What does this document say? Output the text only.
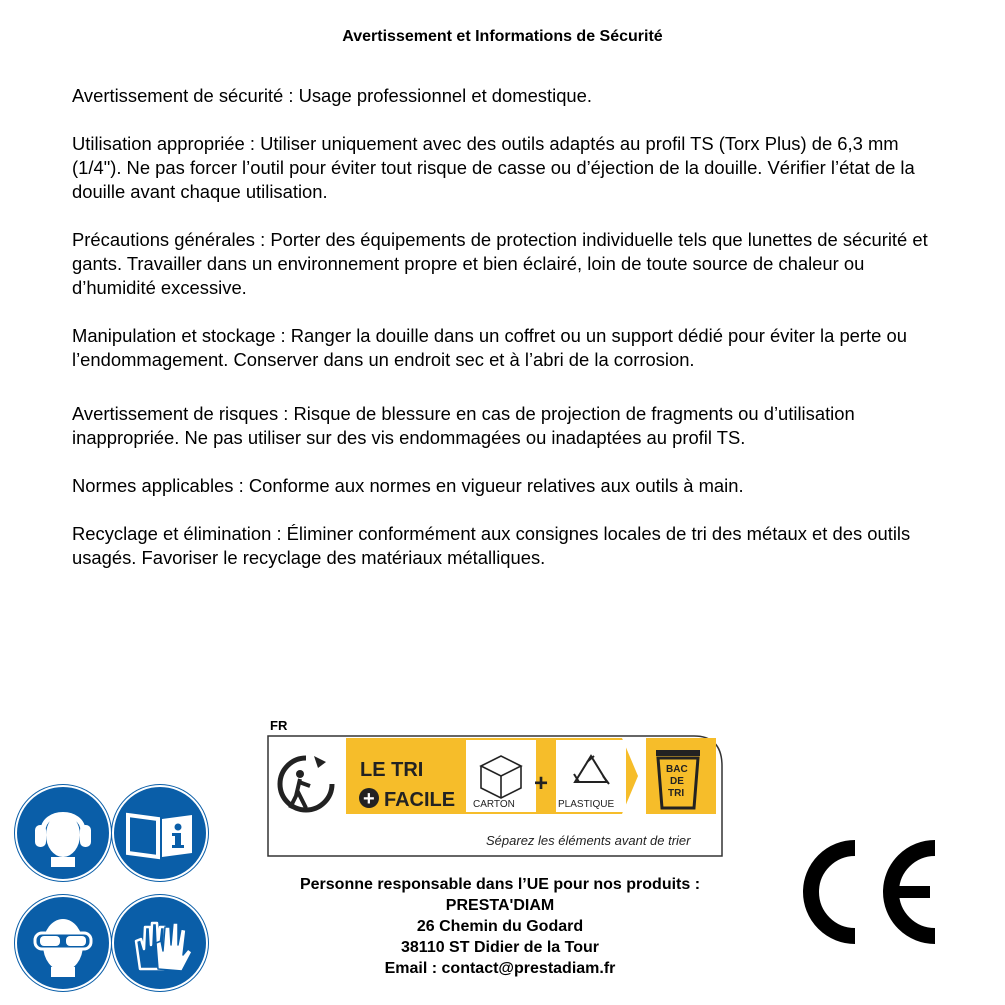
Avertissement et Informations de Sécurité

Avertissement de sécurité : Usage professionnel et domestique.

Utilisation appropriée : Utiliser uniquement avec des outils adaptés au profil TS (Torx Plus) de 6,3 mm (1/4"). Ne pas forcer l’outil pour éviter tout risque de casse ou d’éjection de la douille. Vérifier l’état de la douille avant chaque utilisation.

Précautions générales : Porter des équipements de protection individuelle tels que lunettes de sécurité et gants. Travailler dans un environnement propre et bien éclairé, loin de toute source de chaleur ou d’humidité excessive.

Manipulation et stockage : Ranger la douille dans un coffret ou un support dédié pour éviter la perte ou l’endommagement. Conserver dans un endroit sec et à l’abri de la corrosion.

Avertissement de risques : Risque de blessure en cas de projection de fragments ou d’utilisation inappropriée. Ne pas utiliser sur des vis endommagées ou inadaptées au profil TS.

Normes applicables : Conforme aux normes en vigueur relatives aux outils à main.

Recyclage et élimination : Éliminer conformément aux consignes locales de tri des métaux et des outils usagés. Favoriser le recyclage des matériaux métalliques.

FR
LE TRI
+ FACILE CARTON
+
PLASTIQUE
BAC
DE
TRI
Séparez les éléments avant de trier
Personne responsable dans l’UE pour nos produits :
PRESTA'DIAM
26 Chemin du Godard
38110 ST Didier de la Tour
Email : contact@prestadiam.fr
